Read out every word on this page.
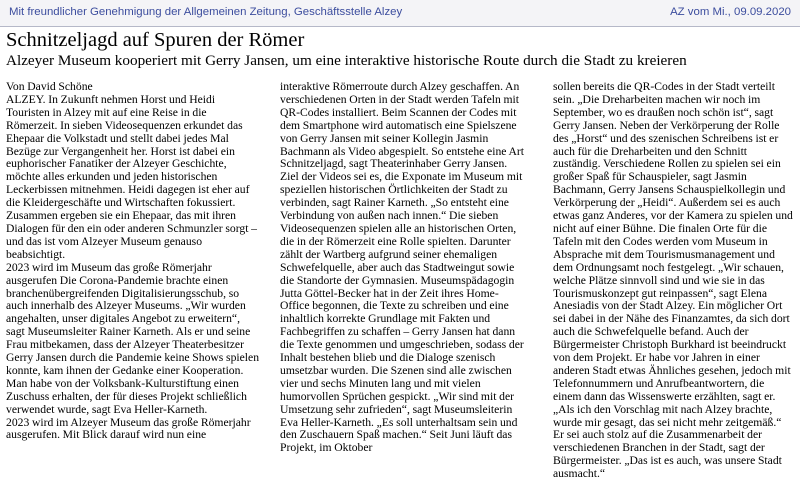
Mit freundlicher Genehmigung der Allgemeinen Zeitung, Geschäftsstelle Alzey	AZ vom Mi., 09.09.2020
Schnitzeljagd auf Spuren der Römer
Alzeyer Museum kooperiert mit Gerry Jansen, um eine interaktive historische Route durch die Stadt zu kreieren

Von David Schöne

ALZEY. In Zukunft nehmen Horst und Heidi Touristen in Alzey mit auf eine Reise in die Römerzeit. In sieben Videosequenzen erkundet das Ehepaar die Volkstadt und stellt dabei jedes Mal Bezüge zur Vergangenheit her. Horst ist dabei ein euphorischer Fanatiker der Alzeyer Geschichte, möchte alles erkunden und jeden historischen Leckerbissen mitnehmen. Heidi dagegen ist eher auf die Kleidergeschäfte und Wirtschaften fokussiert. Zusammen ergeben sie ein Ehepaar, das mit ihren Dialogen für den ein oder anderen Schmunzler sorgt – und das ist vom Alzeyer Museum genauso beabsichtigt.

2023 wird im Museum das große Römerjahr ausgerufen Die Corona-Pandemie brachte einen branchenübergreifenden Digitalisierungsschub, so auch innerhalb des Alzeyer Museums. „Wir wurden angehalten, unser digitales Angebot zu erweitern“, sagt Museumsleiter Rainer Karneth. Als er und seine Frau mitbekamen, dass der Alzeyer Theaterbesitzer Gerry Jansen durch die Pandemie keine Shows spielen konnte, kam ihnen der Gedanke einer Kooperation. Man habe von der Volksbank-Kulturstiftung einen Zuschuss erhalten, der für dieses Projekt schließlich verwendet wurde, sagt Eva Heller-Karneth.

2023 wird im Alzeyer Museum das große Römerjahr ausgerufen. Mit Blick darauf wird nun eine

interaktive Römerroute durch Alzey geschaffen. An verschiedenen Orten in der Stadt werden Tafeln mit QR-Codes installiert. Beim Scannen der Codes mit dem Smartphone wird automatisch eine Spielszene von Gerry Jansen mit seiner Kollegin Jasmin Bachmann als Video abgespielt. So entstehe eine Art Schnitzeljagd, sagt Theaterinhaber Gerry Jansen. Ziel der Videos sei es, die Exponate im Museum mit speziellen historischen Örtlichkeiten der Stadt zu verbinden, sagt Rainer Karneth. „So entsteht eine Verbindung von außen nach innen.“ Die sieben Videosequenzen spielen alle an historischen Orten, die in der Römerzeit eine Rolle spielten. Darunter zählt der Wartberg aufgrund seiner ehemaligen Schwefelquelle, aber auch das Stadtweingut sowie die Standorte der Gymnasien. Museumspädagogin Jutta Göttel-Becker hat in der Zeit ihres Home-Office begonnen, die Texte zu schreiben und eine inhaltlich korrekte Grundlage mit Fakten und Fachbegriffen zu schaffen – Gerry Jansen hat dann die Texte genommen und umgeschrieben, sodass der Inhalt bestehen blieb und die Dialoge szenisch umsetzbar wurden. Die Szenen sind alle zwischen vier und sechs Minuten lang und mit vielen humorvollen Sprüchen gespickt. „Wir sind mit der Umsetzung sehr zufrieden“, sagt Museumsleiterin Eva Heller-Karneth. „Es soll unterhaltsam sein und den Zuschauern Spaß machen.“ Seit Juni läuft das Projekt, im Oktober

sollen bereits die QR-Codes in der Stadt verteilt sein. „Die Dreharbeiten machen wir noch im September, wo es draußen noch schön ist“, sagt Gerry Jansen. Neben der Verkörperung der Rolle des „Horst“ und des szenischen Schreibens ist er auch für die Dreharbeiten und den Schnitt zuständig. Verschiedene Rollen zu spielen sei ein großer Spaß für Schauspieler, sagt Jasmin Bachmann, Gerry Jansens Schauspielkollegin und Verkörperung der „Heidi“. Außerdem sei es auch etwas ganz Anderes, vor der Kamera zu spielen und nicht auf einer Bühne. Die finalen Orte für die Tafeln mit den Codes werden vom Museum in Absprache mit dem Tourismusmanagement und dem Ordnungsamt noch festgelegt. „Wir schauen, welche Plätze sinnvoll sind und wie sie in das Tourismuskonzept gut reinpassen“, sagt Elena Anesiadis von der Stadt Alzey. Ein möglicher Ort sei dabei in der Nähe des Finanzamtes, da sich dort auch die Schwefelquelle befand. Auch der Bürgermeister Christoph Burkhard ist beeindruckt von dem Projekt. Er habe vor Jahren in einer anderen Stadt etwas Ähnliches gesehen, jedoch mit Telefonnummern und Anrufbeantwortern, die einem dann das Wissenswerte erzählten, sagt er. „Als ich den Vorschlag mit nach Alzey brachte, wurde mir gesagt, das sei nicht mehr zeitgemäß.“ Er sei auch stolz auf die Zusammenarbeit der verschiedenen Branchen in der Stadt, sagt der Bürgermeister. „Das ist es auch, was unsere Stadt ausmacht.“
